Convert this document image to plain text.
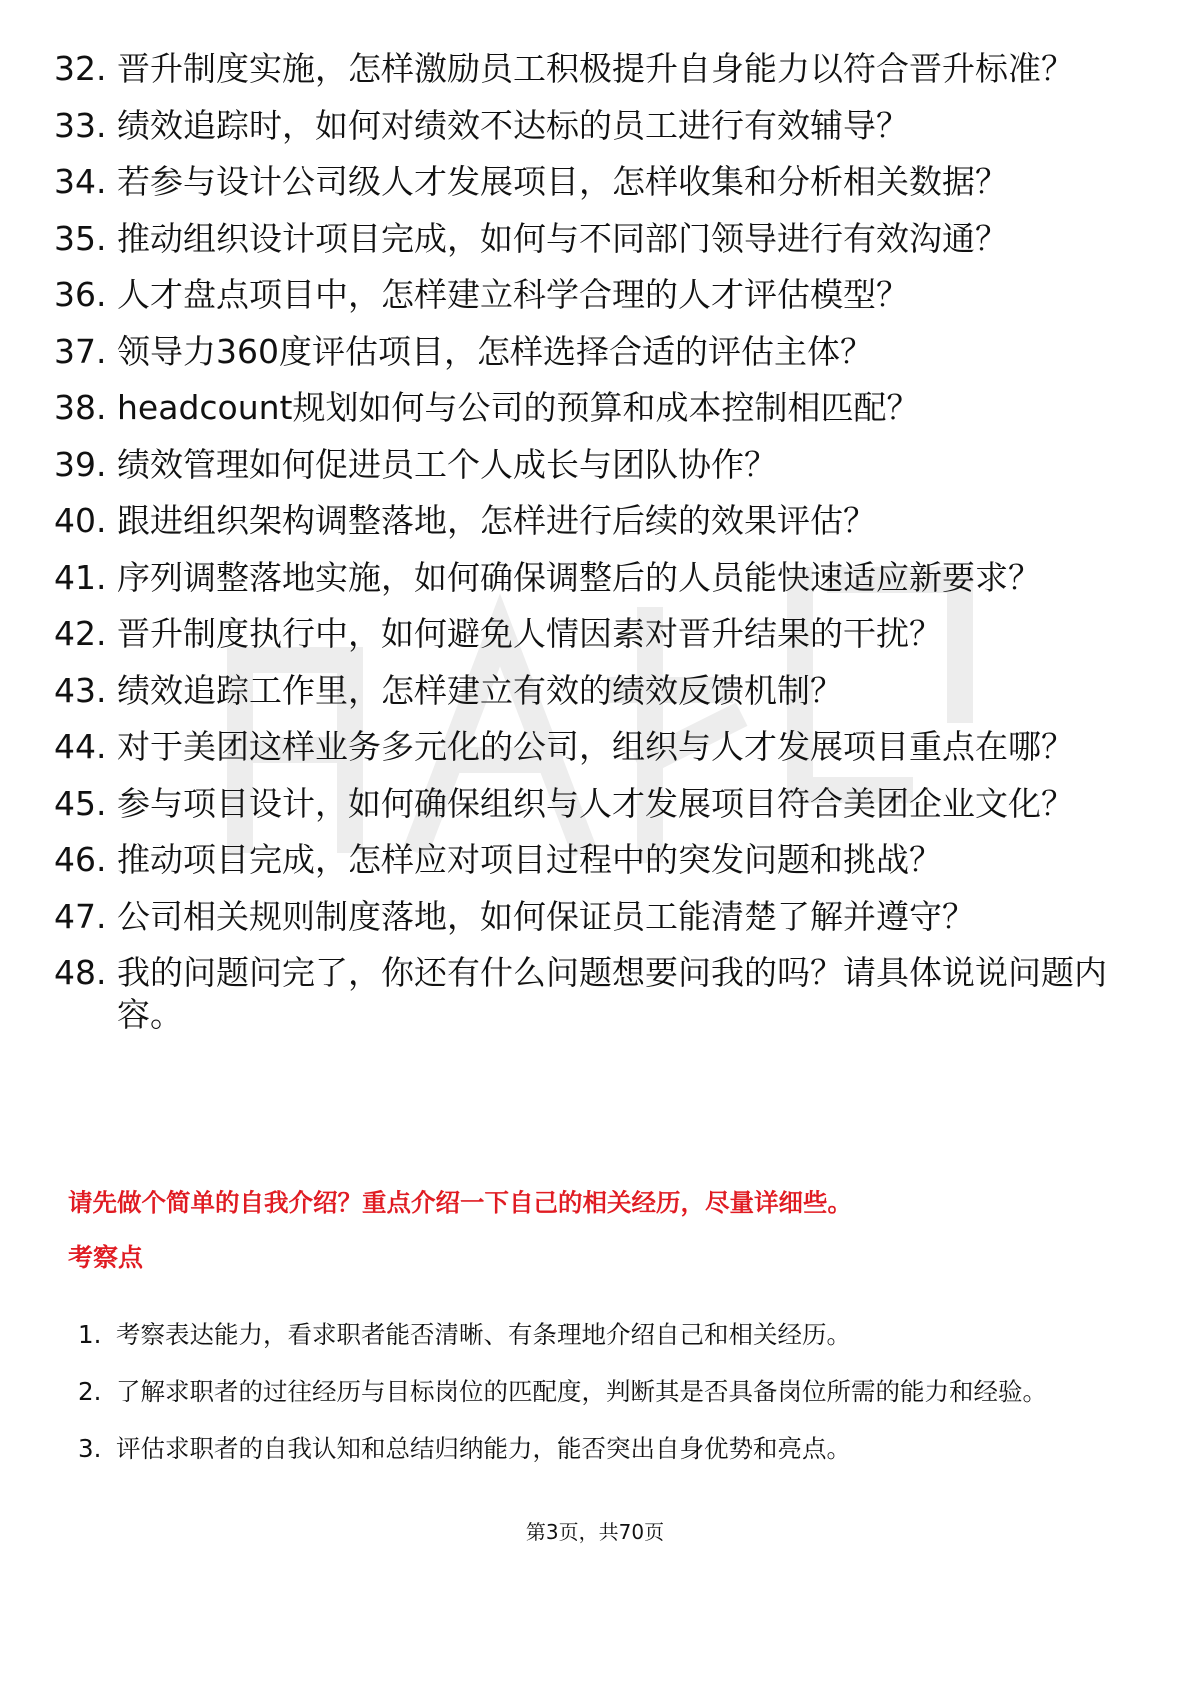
32. 晋升制度实施，怎样激励员工积极提升自身能力以符合晋升标准？
33. 绩效追踪时，如何对绩效不达标的员工进行有效辅导？
34. 若参与设计公司级人才发展项目，怎样收集和分析相关数据？
35. 推动组织设计项目完成，如何与不同部门领导进行有效沟通？
36. 人才盘点项目中，怎样建立科学合理的人才评估模型？
37. 领导力360度评估项目，怎样选择合适的评估主体？
38. headcount规划如何与公司的预算和成本控制相匹配？
39. 绩效管理如何促进员工个人成长与团队协作？
40. 跟进组织架构调整落地，怎样进行后续的效果评估？
41. 序列调整落地实施，如何确保调整后的人员能快速适应新要求？
42. 晋升制度执行中，如何避免人情因素对晋升结果的干扰？
43. 绩效追踪工作里，怎样建立有效的绩效反馈机制？
44. 对于美团这样业务多元化的公司，组织与人才发展项目重点在哪？
45. 参与项目设计，如何确保组织与人才发展项目符合美团企业文化？
46. 推动项目完成，怎样应对项目过程中的突发问题和挑战？
47. 公司相关规则制度落地，如何保证员工能清楚了解并遵守？
48. 我的问题问完了，你还有什么问题想要问我的吗？请具体说说问题内容。
请先做个简单的自我介绍？重点介绍一下自己的相关经历，尽量详细些。
考察点
1. 考察表达能力，看求职者能否清晰、有条理地介绍自己和相关经历。
2. 了解求职者的过往经历与目标岗位的匹配度，判断其是否具备岗位所需的能力和经验。
3. 评估求职者的自我认知和总结归纳能力，能否突出自身优势和亮点。
第3页，共70页
